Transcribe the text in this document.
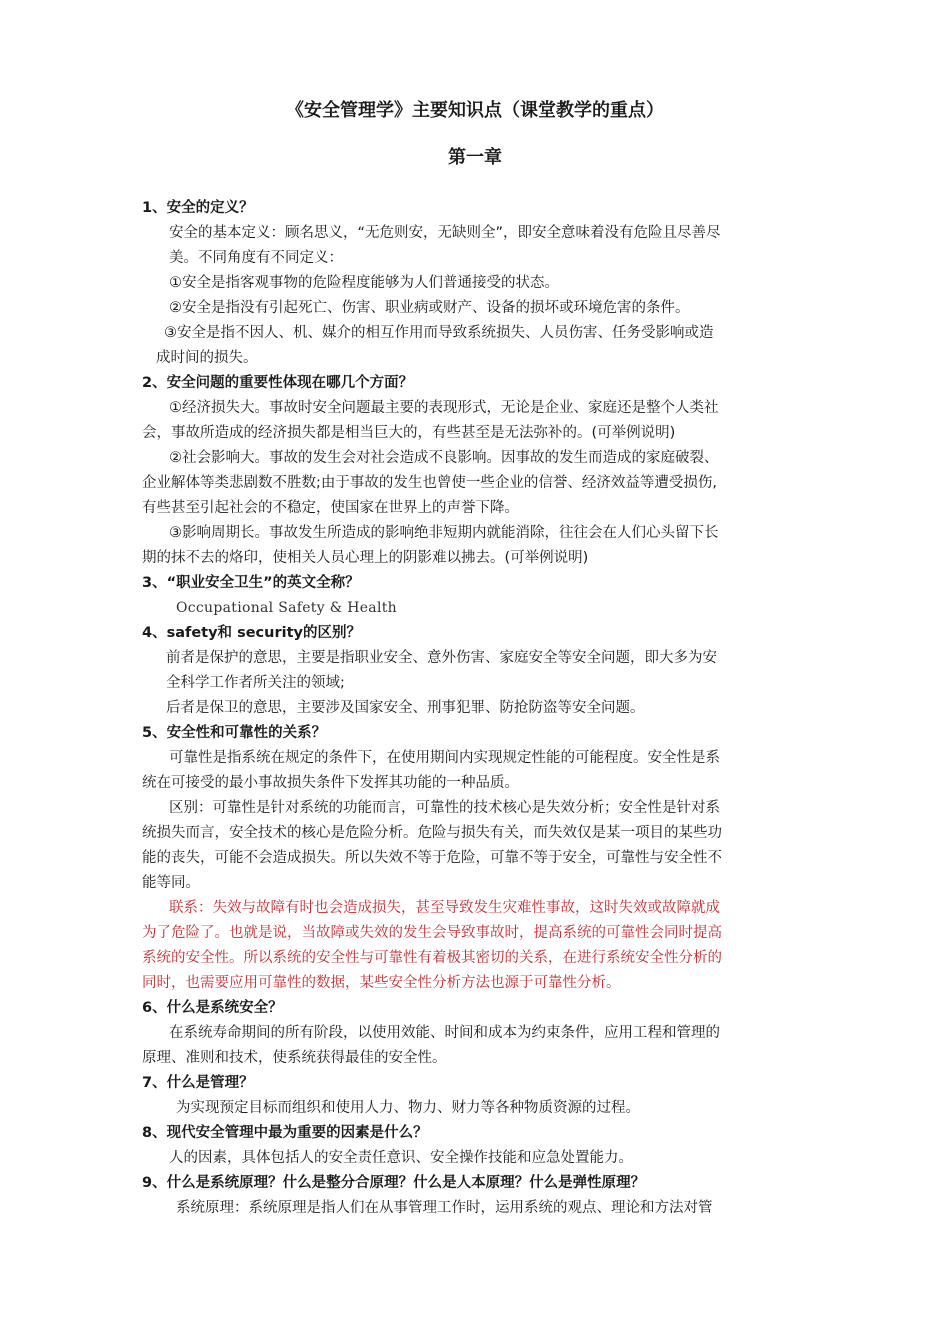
《安全管理学》主要知识点（课堂教学的重点）
第一章

1、安全的定义？

安全的基本定义：顾名思义，“无危则安，无缺则全”，即安全意味着没有危险且尽善尽

美。不同角度有不同定义：

①安全是指客观事物的危险程度能够为人们普通接受的状态。

②安全是指没有引起死亡、伤害、职业病或财产、设备的损坏或环境危害的条件。

③安全是指不因人、机、媒介的相互作用而导致系统损失、人员伤害、任务受影响或造

成时间的损失。

2、安全问题的重要性体现在哪几个方面？

①经济损失大。事故时安全问题最主要的表现形式，无论是企业、家庭还是整个人类社

会，事故所造成的经济损失都是相当巨大的，有些甚至是无法弥补的。(可举例说明)

②社会影响大。事故的发生会对社会造成不良影响。因事故的发生而造成的家庭破裂、

企业解体等类悲剧数不胜数;由于事故的发生也曾使一些企业的信誉、经济效益等遭受损伤,

有些甚至引起社会的不稳定，使国家在世界上的声誉下降。

③影响周期长。事故发生所造成的影响绝非短期内就能消除，往往会在人们心头留下长

期的抹不去的烙印，使相关人员心理上的阴影难以拂去。(可举例说明)

3、“职业安全卫生”的英文全称？

Occupational Safety & Health

4、safety和 security的区别？

前者是保护的意思，主要是指职业安全、意外伤害、家庭安全等安全问题，即大多为安

全科学工作者所关注的领域;

后者是保卫的意思，主要涉及国家安全、刑事犯罪、防抢防盗等安全问题。

5、安全性和可靠性的关系？

可靠性是指系统在规定的条件下，在使用期间内实现规定性能的可能程度。安全性是系

统在可接受的最小事故损失条件下发挥其功能的一种品质。

区别：可靠性是针对系统的功能而言，可靠性的技术核心是失效分析；安全性是针对系

统损失而言，安全技术的核心是危险分析。危险与损失有关，而失效仅是某一项目的某些功

能的丧失，可能不会造成损失。所以失效不等于危险，可靠不等于安全，可靠性与安全性不

能等同。

联系：失效与故障有时也会造成损失，甚至导致发生灾难性事故，这时失效或故障就成

为了危险了。也就是说，当故障或失效的发生会导致事故时，提高系统的可靠性会同时提高

系统的安全性。所以系统的安全性与可靠性有着极其密切的关系，在进行系统安全性分析的

同时，也需要应用可靠性的数据，某些安全性分析方法也源于可靠性分析。

6、什么是系统安全？

在系统寿命期间的所有阶段，以使用效能、时间和成本为约束条件，应用工程和管理的

原理、准则和技术，使系统获得最佳的安全性。

7、什么是管理？

为实现预定目标而组织和使用人力、物力、财力等各种物质资源的过程。

8、现代安全管理中最为重要的因素是什么？

人的因素，具体包括人的安全责任意识、安全操作技能和应急处置能力。

9、什么是系统原理？什么是整分合原理？什么是人本原理？什么是弹性原理？

系统原理：系统原理是指人们在从事管理工作时，运用系统的观点、理论和方法对管
